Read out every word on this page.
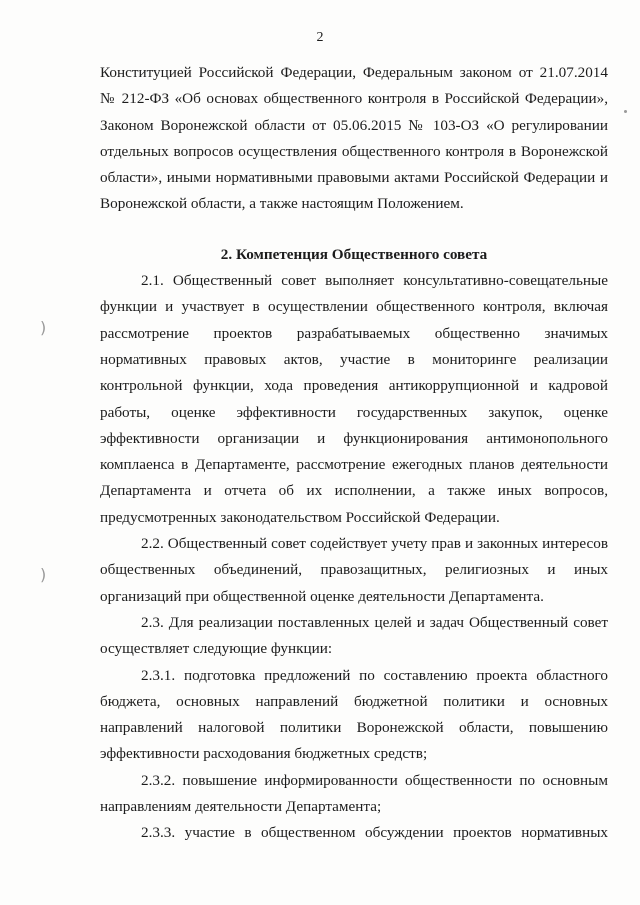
2
)
)
Конституцией Российской Федерации, Федеральным законом от 21.07.2014
№ 212-ФЗ «Об основах общественного контроля в Российской Федерации»,
Законом Воронежской области от 05.06.2015 № 103-ОЗ «О регулировании
отдельных вопросов осуществления общественного контроля в Воронежской
области», иными нормативными правовыми актами Российской Федерации и
Воронежской области, а также настоящим Положением.
2. Компетенция Общественного совета
2.1. Общественный совет выполняет консультативно-совещательные
функции и участвует в осуществлении общественного контроля, включая
рассмотрение проектов разрабатываемых общественно значимых
нормативных правовых актов, участие в мониторинге реализации
контрольной функции, хода проведения антикоррупционной и кадровой
работы, оценке эффективности государственных закупок, оценке
эффективности организации и функционирования антимонопольного
комплаенса в Департаменте, рассмотрение ежегодных планов деятельности
Департамента и отчета об их исполнении, а также иных вопросов,
предусмотренных законодательством Российской Федерации.
2.2. Общественный совет содействует учету прав и законных интересов
общественных объединений, правозащитных, религиозных и иных
организаций при общественной оценке деятельности Департамента.
2.3. Для реализации поставленных целей и задач Общественный совет
осуществляет следующие функции:
2.3.1. подготовка предложений по составлению проекта областного
бюджета, основных направлений бюджетной политики и основных
направлений налоговой политики Воронежской области, повышению
эффективности расходования бюджетных средств;
2.3.2. повышение информированности общественности по основным
направлениям деятельности Департамента;
2.3.3. участие в общественном обсуждении проектов нормативных
